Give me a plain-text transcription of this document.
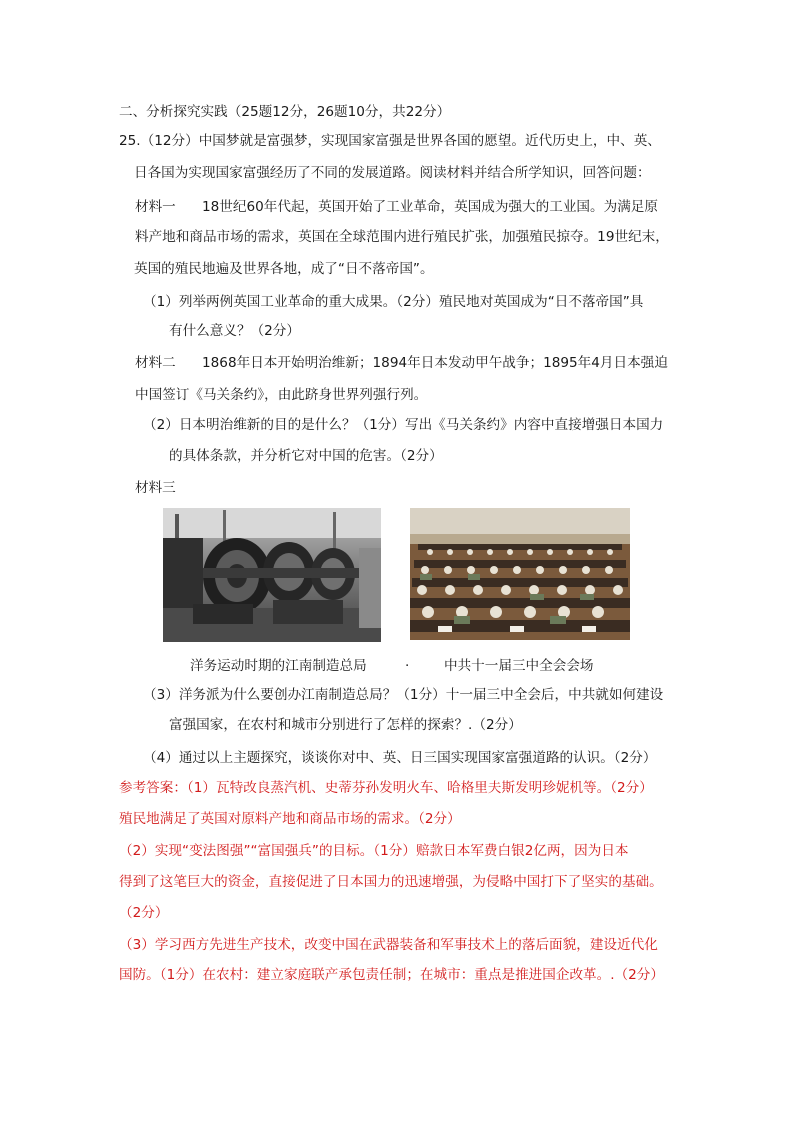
二、分析探究实践（25题12分，26题10分，共22分）
25.（12分）中国梦就是富强梦，实现国家富强是世界各国的愿望。近代历史上，中、英、
日各国为实现国家富强经历了不同的发展道路。阅读材料并结合所学知识，回答问题：
材料一 18世纪60年代起，英国开始了工业革命，英国成为强大的工业国。为满足原
料产地和商品市场的需求，英国在全球范围内进行殖民扩张，加强殖民掠夺。19世纪末，
英国的殖民地遍及世界各地，成了“日不落帝国”。
（1）列举两例英国工业革命的重大成果。（2分）殖民地对英国成为“日不落帝国”具
有什么意义？（2分）
材料二 1868年日本开始明治维新；1894年日本发动甲午战争；1895年4月日本强迫
中国签订《马关条约》，由此跻身世界列强行列。
（2）日本明治维新的目的是什么？（1分）写出《马关条约》内容中直接增强日本国力
的具体条款，并分析它对中国的危害。（2分）
材料三
洋务运动时期的江南制造总局	.	中共十一届三中全会会场
（3）洋务派为什么要创办江南制造总局？（1分）十一届三中全会后，中共就如何建设
富强国家，在农村和城市分别进行了怎样的探索？.（2分）
（4）通过以上主题探究，谈谈你对中、英、日三国实现国家富强道路的认识。（2分）
参考答案：（1）瓦特改良蒸汽机、史蒂芬孙发明火车、哈格里夫斯发明珍妮机等。（2分）
殖民地满足了英国对原料产地和商品市场的需求。（2分）
（2）实现“变法图强”“富国强兵”的目标。（1分）赔款日本军费白银2亿两，因为日本
得到了这笔巨大的资金，直接促进了日本国力的迅速增强，为侵略中国打下了坚实的基础。
（2分）
（3）学习西方先进生产技术，改变中国在武器装备和军事技术上的落后面貌，建设近代化
国防。（1分）在农村：建立家庭联产承包责任制；在城市：重点是推进国企改革。.（2分）
